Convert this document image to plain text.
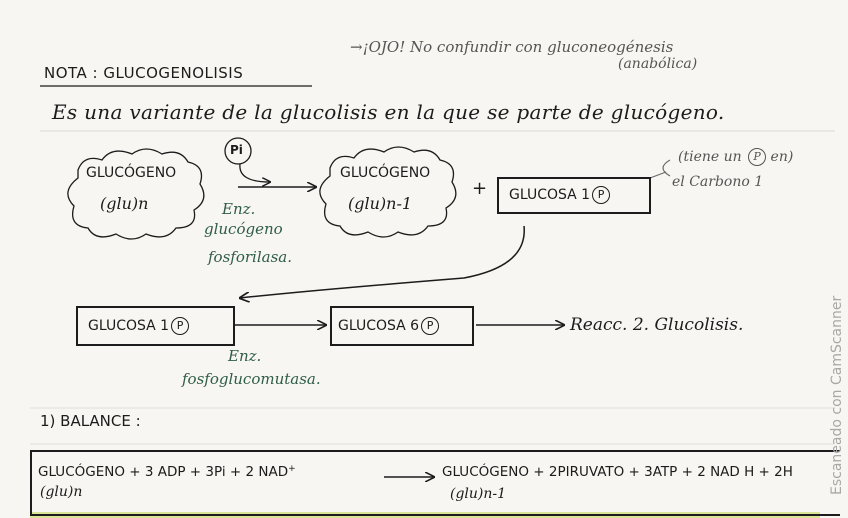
NOTA : GLUCOGENOLISIS
→¡OJO! No confundir con gluconeogénesis
(anabólica)
Es una variante de la glucolisis en la que se parte de glucógeno.
GLUCÓGENO
(glu)n
Pi
Enz.
glucógeno
fosforilasa.
GLUCÓGENO
(glu)n-1
+ GLUCOSA 1 P
(tiene un P en)
el Carbono 1
GLUCOSA 1 P	GLUCOSA 6 P	Reacc. 2. Glucolisis.
Enz.
fosfoglucomutasa.
1) BALANCE :
GLUCÓGENO + 3 ADP + 3Pi + 2 NAD+
(glu)n
GLUCÓGENO + 2PIRUVATO + 3ATP + 2 NAD H + 2H
(glu)n-1	Escaneado con CamScanner
